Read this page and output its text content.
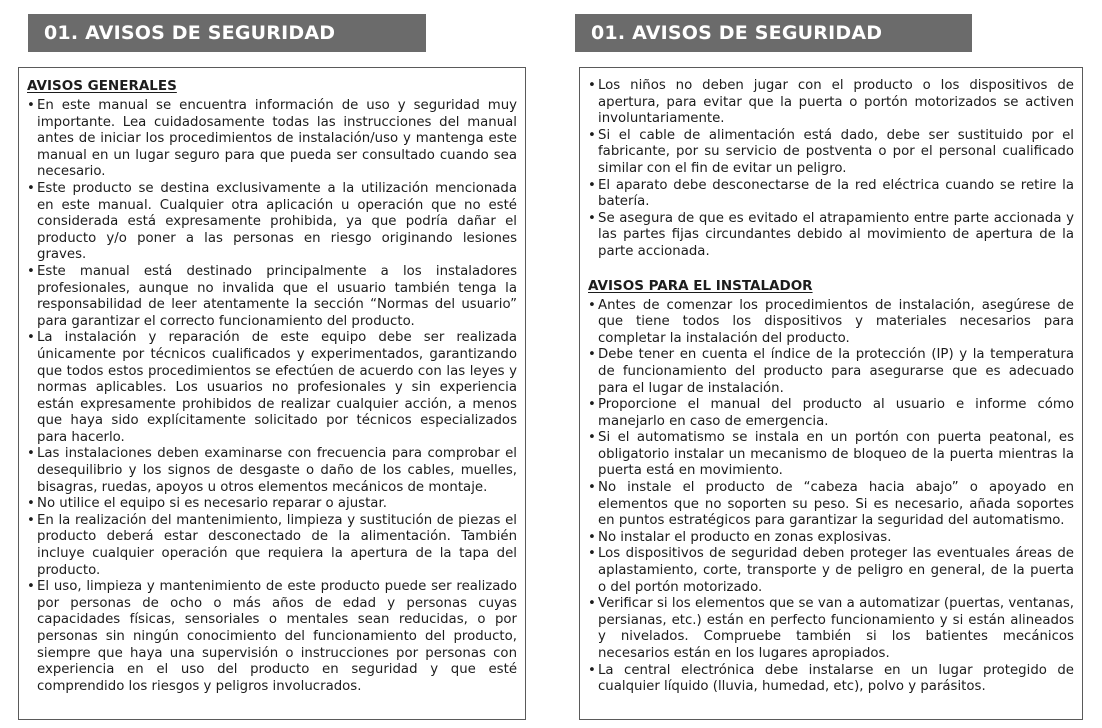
01. AVISOS DE SEGURIDAD
AVISOS GENERALES
• En este manual se encuentra información de uso y seguridad muy importante. Lea cuidadosamente todas las instrucciones del manual antes de iniciar los procedimientos de instalación/uso y mantenga este manual en un lugar seguro para que pueda ser consultado cuando sea necesario.
• Este producto se destina exclusivamente a la utilización mencionada en este manual. Cualquier otra aplicación u operación que no esté considerada está expresamente prohibida, ya que podría dañar el producto y/o poner a las personas en riesgo originando lesiones graves.
• Este manual está destinado principalmente a los instaladores profesionales, aunque no invalida que el usuario también tenga la responsabilidad de leer atentamente la sección “Normas del usuario” para garantizar el correcto funcionamiento del producto.
• La instalación y reparación de este equipo debe ser realizada únicamente por técnicos cualificados y experimentados, garantizando que todos estos procedimientos se efectúen de acuerdo con las leyes y normas aplicables. Los usuarios no profesionales y sin experiencia están expresamente prohibidos de realizar cualquier acción, a menos que haya sido explícitamente solicitado por técnicos especializados para hacerlo.
• Las instalaciones deben examinarse con frecuencia para comprobar el desequilibrio y los signos de desgaste o daño de los cables, muelles, bisagras, ruedas, apoyos u otros elementos mecánicos de montaje.
• No utilice el equipo si es necesario reparar o ajustar.
• En la realización del mantenimiento, limpieza y sustitución de piezas el producto deberá estar desconectado de la alimentación. También incluye cualquier operación que requiera la apertura de la tapa del producto.
• El uso, limpieza y mantenimiento de este producto puede ser realizado por personas de ocho o más años de edad y personas cuyas capacidades físicas, sensoriales o mentales sean reducidas, o por personas sin ningún conocimiento del funcionamiento del producto, siempre que haya una supervisión o instrucciones por personas con experiencia en el uso del producto en seguridad y que esté comprendido los riesgos y peligros involucrados.
01. AVISOS DE SEGURIDAD
• Los niños no deben jugar con el producto o los dispositivos de apertura, para evitar que la puerta o portón motorizados se activen involuntariamente.
• Si el cable de alimentación está dado, debe ser sustituido por el fabricante, por su servicio de postventa o por el personal cualificado similar con el fin de evitar un peligro.
• El aparato debe desconectarse de la red eléctrica cuando se retire la batería.
• Se asegura de que es evitado el atrapamiento entre parte accionada y las partes fijas circundantes debido al movimiento de apertura de la parte accionada.
AVISOS PARA EL INSTALADOR
• Antes de comenzar los procedimientos de instalación, asegúrese de que tiene todos los dispositivos y materiales necesarios para completar la instalación del producto.
• Debe tener en cuenta el índice de la protección (IP) y la temperatura de funcionamiento del producto para asegurarse que es adecuado para el lugar de instalación.
• Proporcione el manual del producto al usuario e informe cómo manejarlo en caso de emergencia.
• Si el automatismo se instala en un portón con puerta peatonal, es obligatorio instalar un mecanismo de bloqueo de la puerta mientras la puerta está en movimiento.
• No instale el producto de “cabeza hacia abajo” o apoyado en elementos que no soporten su peso. Si es necesario, añada soportes en puntos estratégicos para garantizar la seguridad del automatismo.
• No instalar el producto en zonas explosivas.
• Los dispositivos de seguridad deben proteger las eventuales áreas de aplastamiento, corte, transporte y de peligro en general, de la puerta o del portón motorizado.
• Verificar si los elementos que se van a automatizar (puertas, ventanas, persianas, etc.) están en perfecto funcionamiento y si están alineados y nivelados. Compruebe también si los batientes mecánicos necesarios están en los lugares apropiados.
• La central electrónica debe instalarse en un lugar protegido de cualquier líquido (lluvia, humedad, etc), polvo y parásitos.
